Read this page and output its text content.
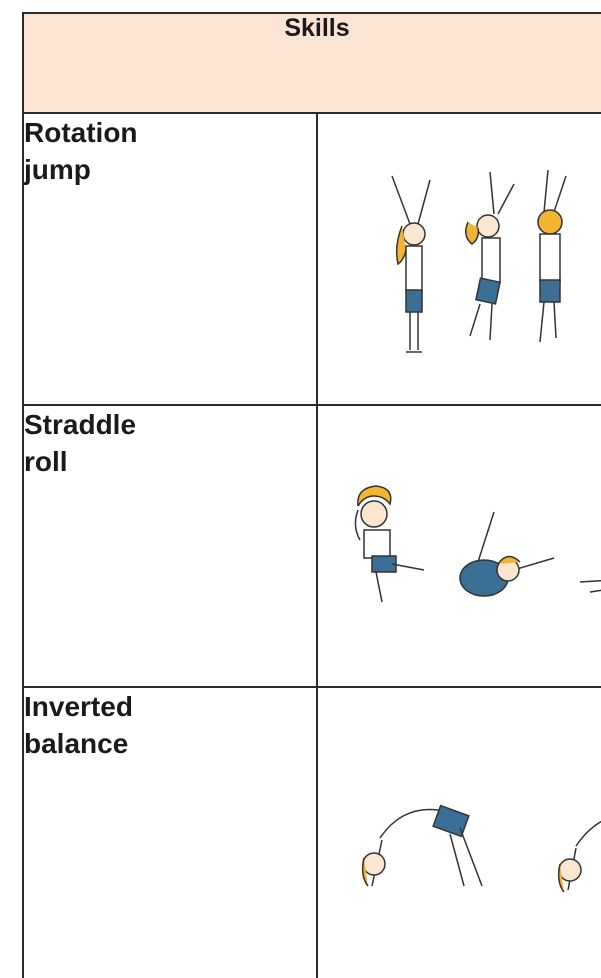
Skills	

Rotation
jump

Straddle
roll

Inverted
balance
